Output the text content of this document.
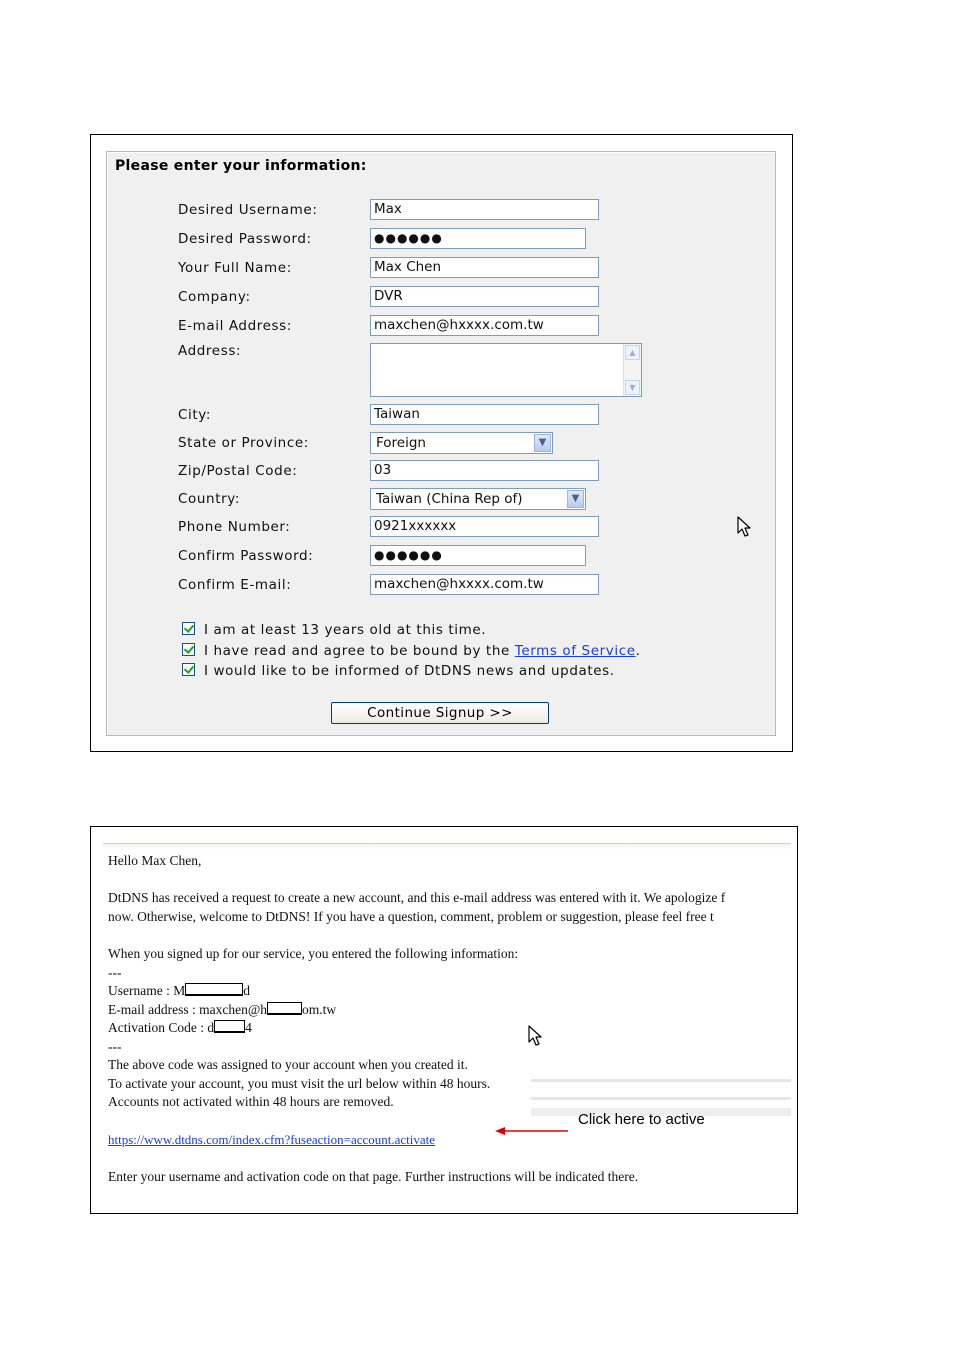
Please enter your information:
Desired Username:	Max
Desired Password:	●●●●●●
Your Full Name:	Max Chen
Company:	DVR
E-mail Address:	maxchen@hxxxx.com.tw
Address:	▲
▼
City:	Taiwan
State or Province:	Foreign	▼
Zip/Postal Code:	03
Country:	Taiwan (China Rep of)	▼
Phone Number:	0921xxxxxx
Confirm Password:	●●●●●●
Confirm E-mail:	maxchen@hxxxx.com.tw
I am at least 13 years old at this time.
I have read and agree to be bound by the Terms of Service.
I would like to be informed of DtDNS news and updates.
Continue Signup >>
Hello Max Chen,
DtDNS has received a request to create a new account, and this e-mail address was entered with it. We apologize f
now. Otherwise, welcome to DtDNS! If you have a question, comment, problem or suggestion, please feel free t
When you signed up for our service, you entered the following information:
---
Username : M	d
E-mail address : maxchen@h	om.tw
Activation Code : d 4
---
The above code was assigned to your account when you created it.
To activate your account, you must visit the url below within 48 hours.
Accounts not activated within 48 hours are removed.
https://www.dtdns.com/index.cfm?fuseaction=account.activate
Enter your username and activation code on that page. Further instructions will be indicated there.
Click here to active
